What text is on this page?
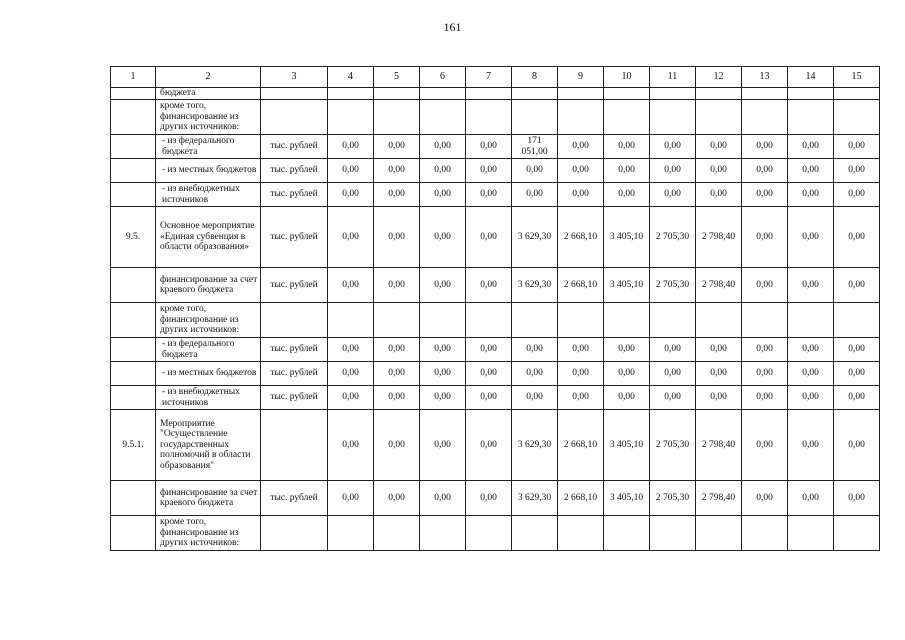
161
1	2	3	4	5	6	7	8	9	10	11	12	13	14	15
	бюджета													
	кроме того, финансирование из других источников:													
	- из федерального бюджета	тыс. рублей	0,00	0,00	0,00	0,00	171 051,00	0,00	0,00	0,00	0,00	0,00	0,00	0,00
	- из местных бюджетов	тыс. рублей	0,00	0,00	0,00	0,00	0,00	0,00	0,00	0,00	0,00	0,00	0,00	0,00
	- из внебюджетных источников	тыс. рублей	0,00	0,00	0,00	0,00	0,00	0,00	0,00	0,00	0,00	0,00	0,00	0,00
9.5.	Основное мероприятие «Единая субвенция в области образования»	тыс. рублей	0,00	0,00	0,00	0,00	3 629,30	2 668,10	3 405,10	2 705,30	2 798,40	0,00	0,00	0,00
	финансирование за счет краевого бюджета	тыс. рублей	0,00	0,00	0,00	0,00	3 629,30	2 668,10	3 405,10	2 705,30	2 798,40	0,00	0,00	0,00
	кроме того, финансирование из других источников:													
	- из федерального бюджета	тыс. рублей	0,00	0,00	0,00	0,00	0,00	0,00	0,00	0,00	0,00	0,00	0,00	0,00
	- из местных бюджетов	тыс. рублей	0,00	0,00	0,00	0,00	0,00	0,00	0,00	0,00	0,00	0,00	0,00	0,00
	- из внебюджетных источников	тыс. рублей	0,00	0,00	0,00	0,00	0,00	0,00	0,00	0,00	0,00	0,00	0,00	0,00
9.5.1.	Мероприятие "Осуществление государственных полномочий в области образования"		0,00	0,00	0,00	0,00	3 629,30	2 668,10	3 405,10	2 705,30	2 798,40	0,00	0,00	0,00
	финансирование за счет краевого бюджета	тыс. рублей	0,00	0,00	0,00	0,00	3 629,30	2 668,10	3 405,10	2 705,30	2 798,40	0,00	0,00	0,00
	кроме того, финансирование из других источников:													
